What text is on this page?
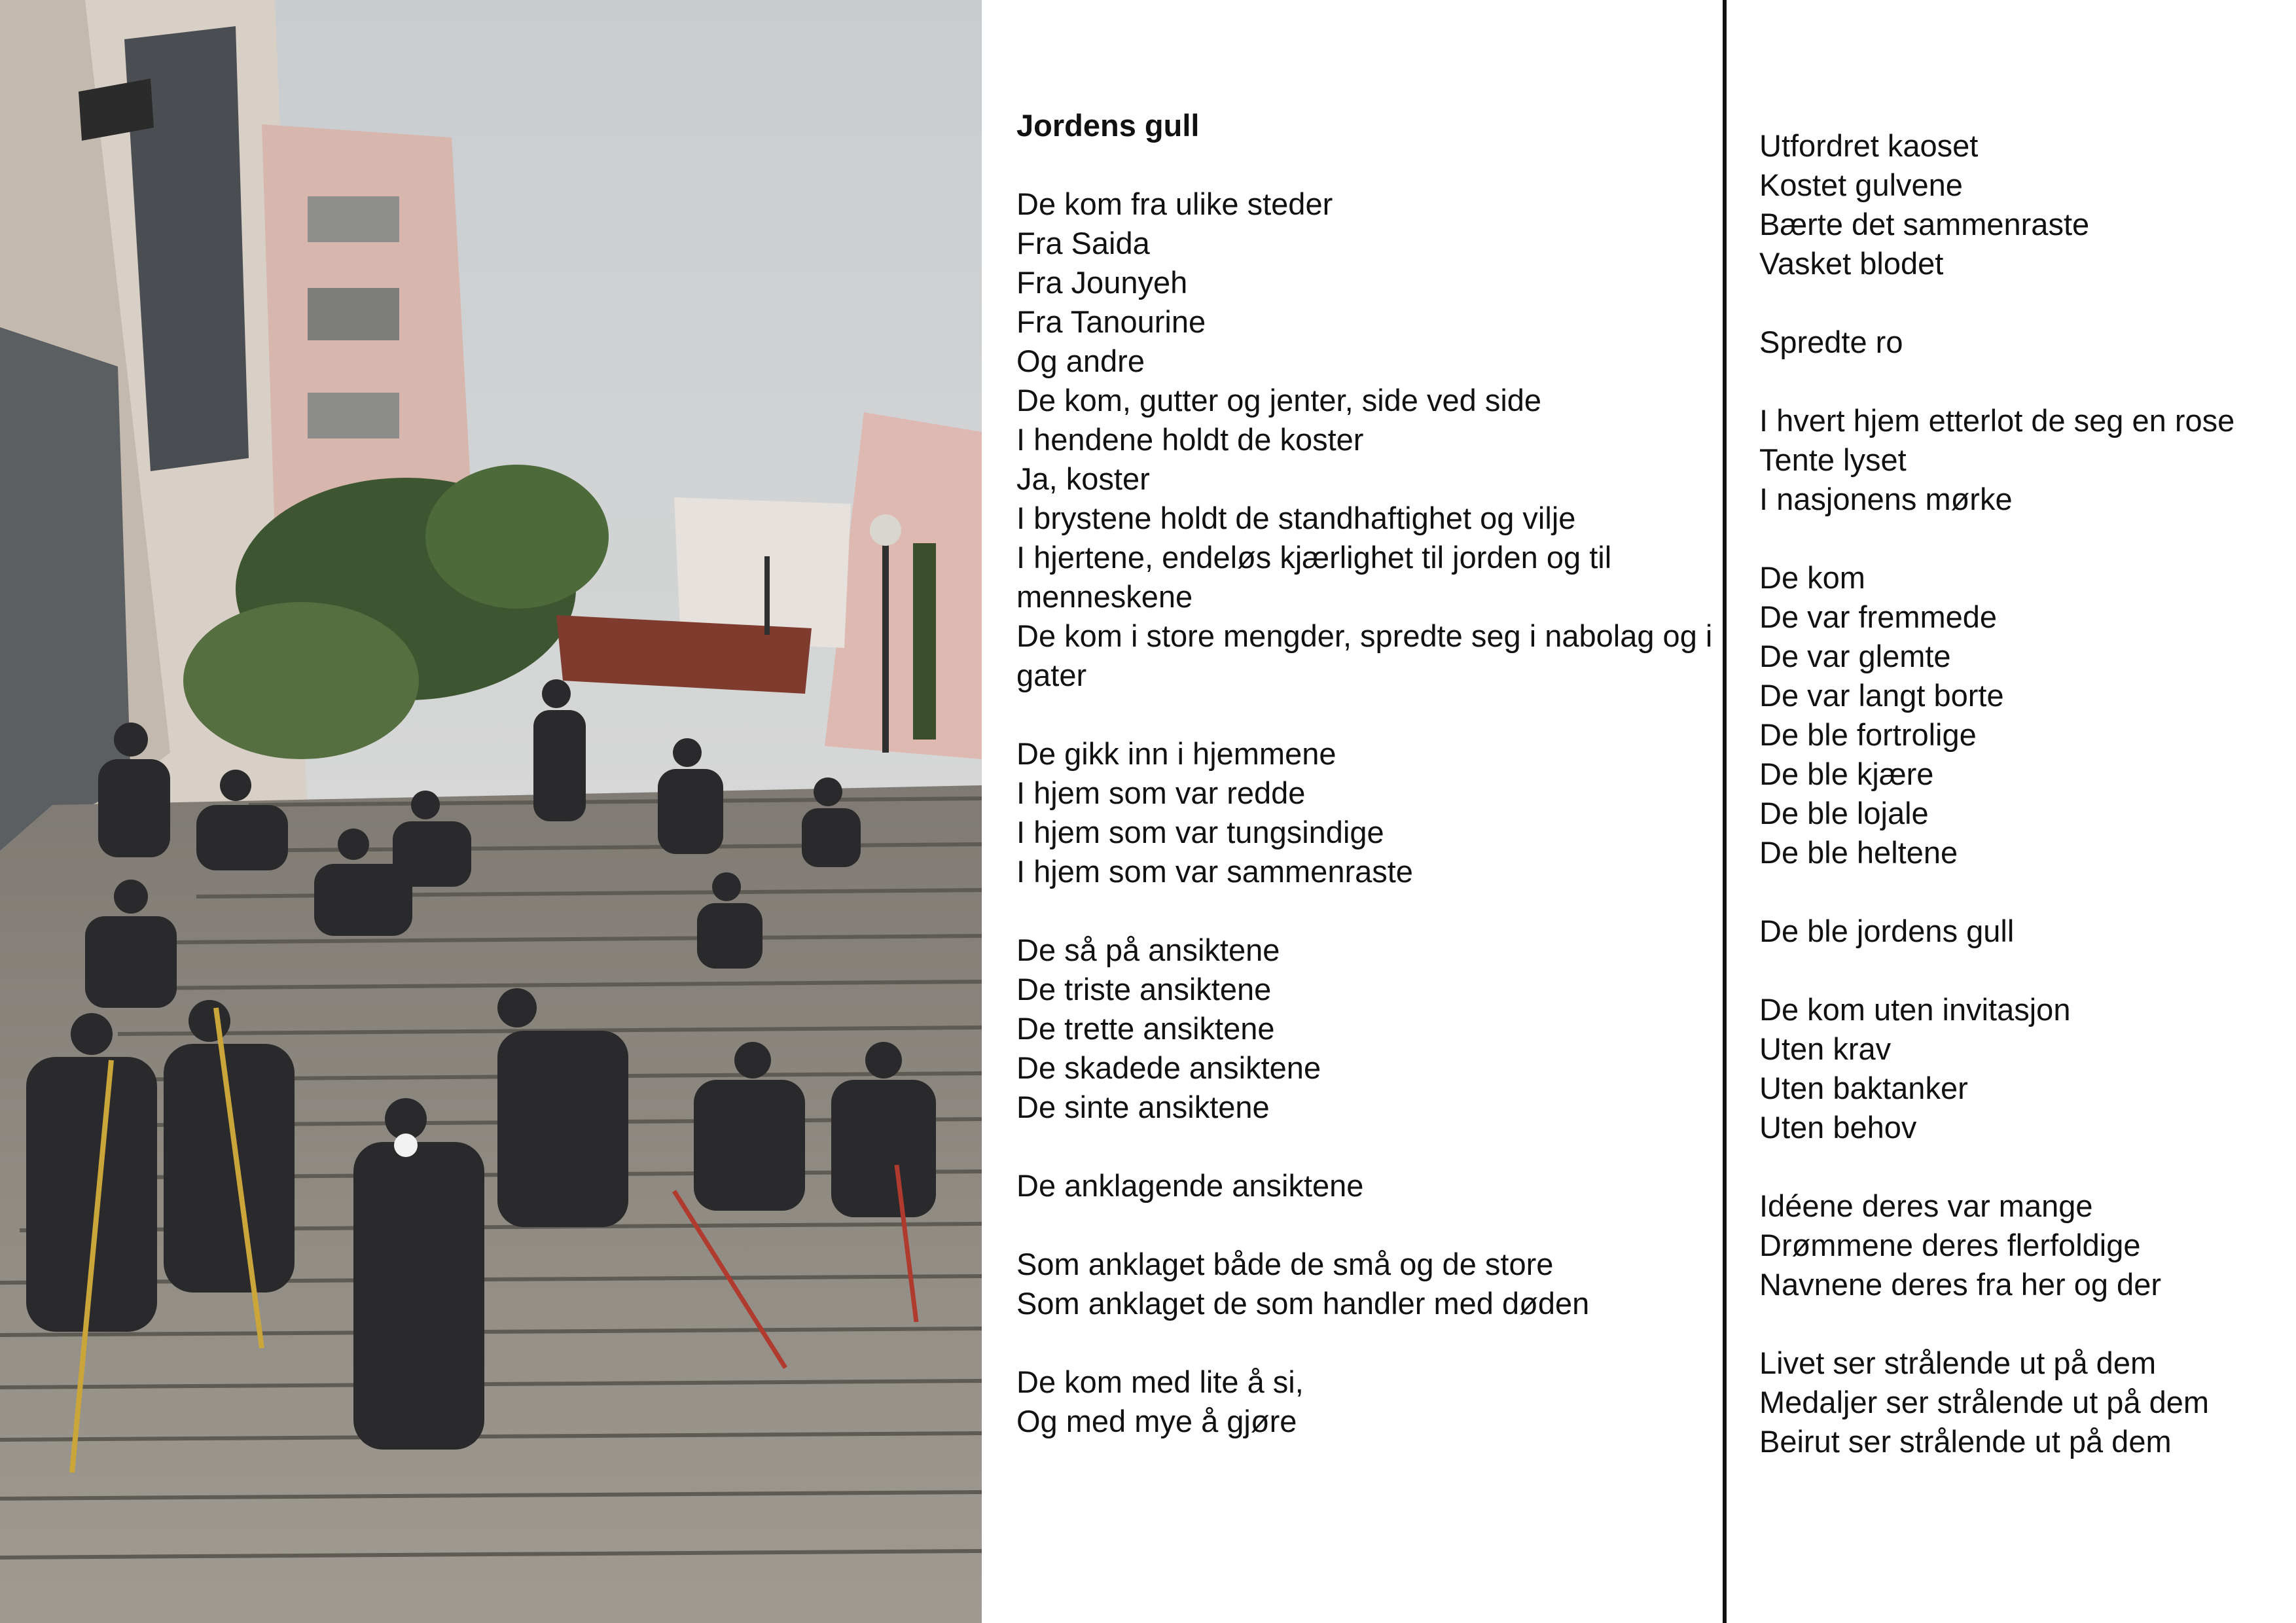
Jordens gull
De kom fra ulike steder
Fra Saida
Fra Jounyeh
Fra Tanourine
Og andre
De kom, gutter og jenter, side ved side
I hendene holdt de koster
Ja, koster
I brystene holdt de standhaftighet og vilje
I hjertene, endeløs kjærlighet til jorden og til menneskene
De kom i store mengder, spredte seg i nabolag og i gater
De gikk inn i hjemmene
I hjem som var redde
I hjem som var tungsindige
I hjem som var sammenraste
De så på ansiktene
De triste ansiktene
De trette ansiktene
De skadede ansiktene
De sinte ansiktene
De anklagende ansiktene
Som anklaget både de små og de store
Som anklaget de som handler med døden
De kom med lite å si,
Og med mye å gjøre
Utfordret kaoset
Kostet gulvene
Bærte det sammenraste
Vasket blodet
Spredte ro
I hvert hjem etterlot de seg en rose
Tente lyset
I nasjonens mørke
De kom
De var fremmede
De var glemte
De var langt borte
De ble fortrolige
De ble kjære
De ble lojale
De ble heltene
De ble jordens gull
De kom uten invitasjon
Uten krav
Uten baktanker
Uten behov
Idéene deres var mange
Drømmene deres flerfoldige
Navnene deres fra her og der
Livet ser strålende ut på dem
Medaljer ser strålende ut på dem
Beirut ser strålende ut på dem
